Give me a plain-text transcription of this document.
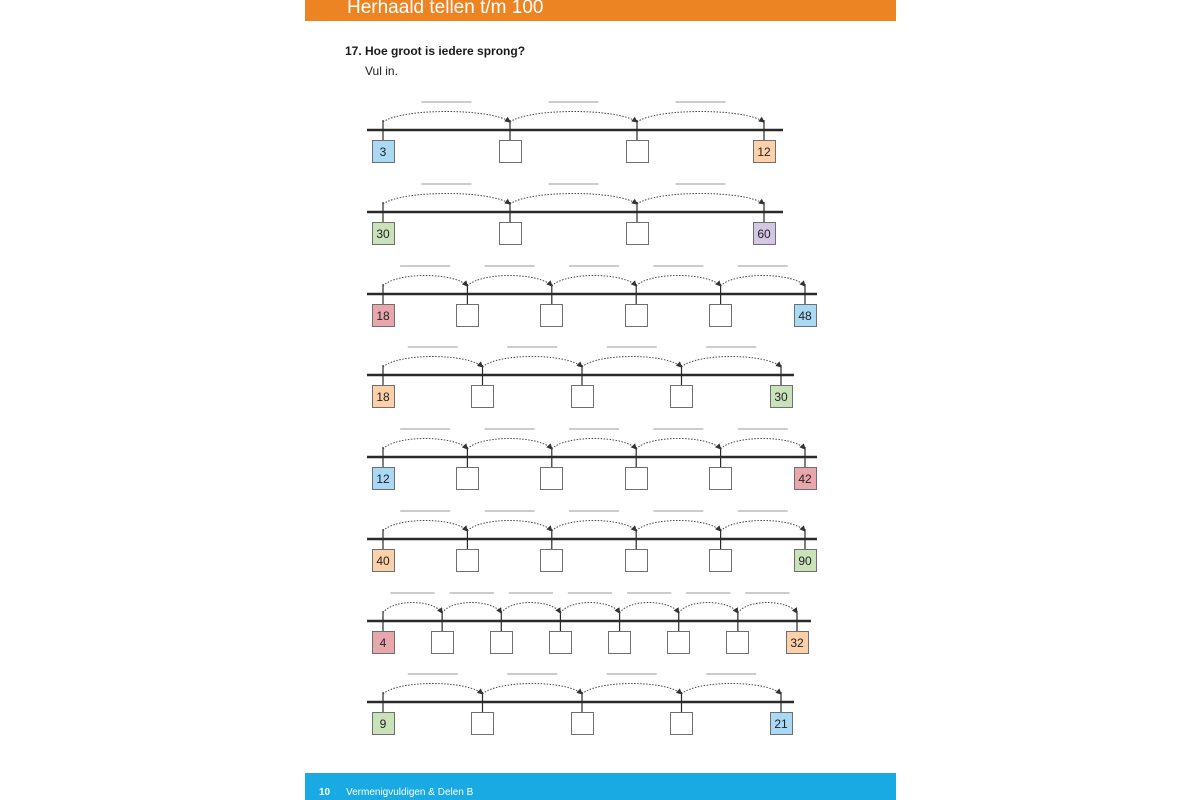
Herhaald tellen t/m 100
17. Hoe groot is iedere sprong?
Vul in.
3	12
30	60
18	48
18	30
12	42
40	90
4	32
9	21
10 Vermenigvuldigen & Delen B
